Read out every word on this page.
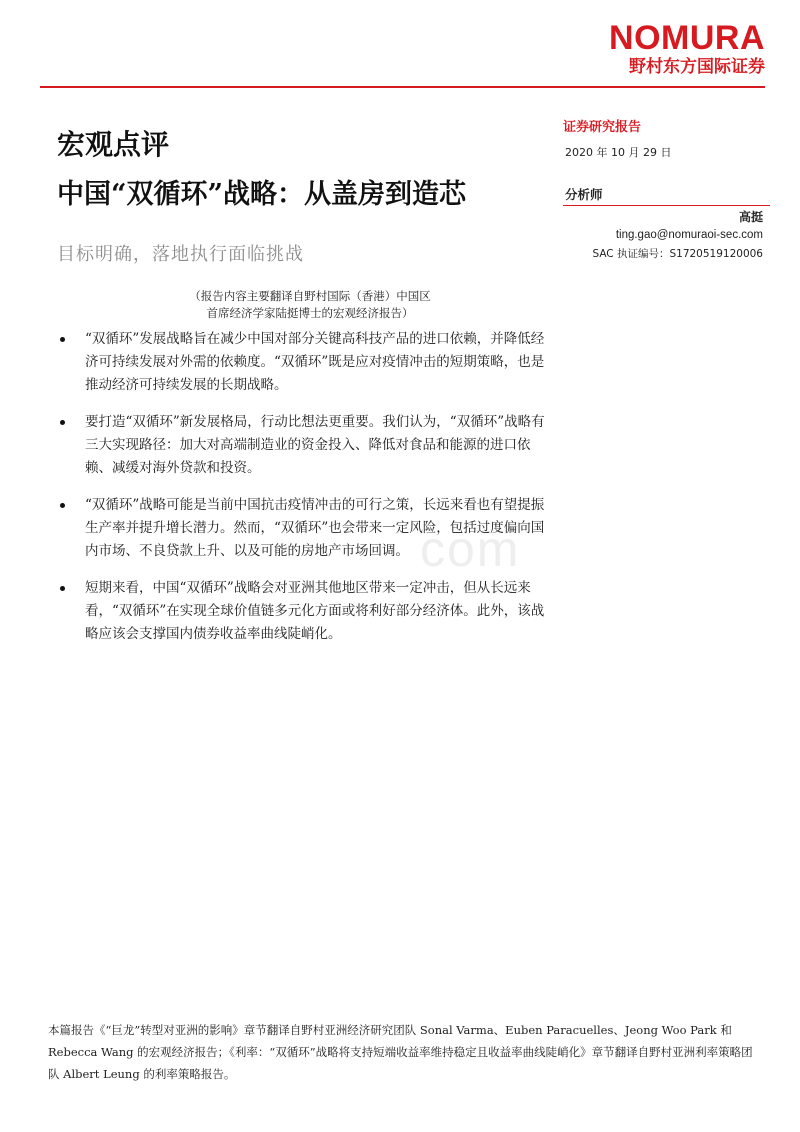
NOMURA
野村东方国际证券
宏观点评
中国“双循环”战略：从盖房到造芯
目标明确，落地执行面临挑战
（报告内容主要翻译自野村国际（香港）中国区
首席经济学家陆挺博士的宏观经济报告）
证券研究报告
2020 年 10 月 29 日
分析师
高挺
ting.gao@nomuraoi-sec.com
SAC 执证编号：S1720519120006
“双循环”发展战略旨在减少中国对部分关键高科技产品的进口依赖，并降低经济可持续发展对外需的依赖度。“双循环”既是应对疫情冲击的短期策略，也是推动经济可持续发展的长期战略。
要打造“双循环”新发展格局，行动比想法更重要。我们认为，“双循环”战略有三大实现路径：加大对高端制造业的资金投入、降低对食品和能源的进口依赖、减缓对海外贷款和投资。
“双循环”战略可能是当前中国抗击疫情冲击的可行之策，长远来看也有望提振生产率并提升增长潜力。然而，“双循环”也会带来一定风险，包括过度偏向国内市场、不良贷款上升、以及可能的房地产市场回调。
短期来看，中国“双循环”战略会对亚洲其他地区带来一定冲击，但从长远来看，“双循环”在实现全球价值链多元化方面或将利好部分经济体。此外，该战略应该会支撑国内债券收益率曲线陡峭化。
com
本篇报告《“巨龙”转型对亚洲的影响》章节翻译自野村亚洲经济研究团队 Sonal Varma、Euben Paracuelles、Jeong Woo Park 和 Rebecca Wang 的宏观经济报告；《利率：“双循环”战略将支持短端收益率维持稳定且收益率曲线陡峭化》章节翻译自野村亚洲利率策略团队 Albert Leung 的利率策略报告。
